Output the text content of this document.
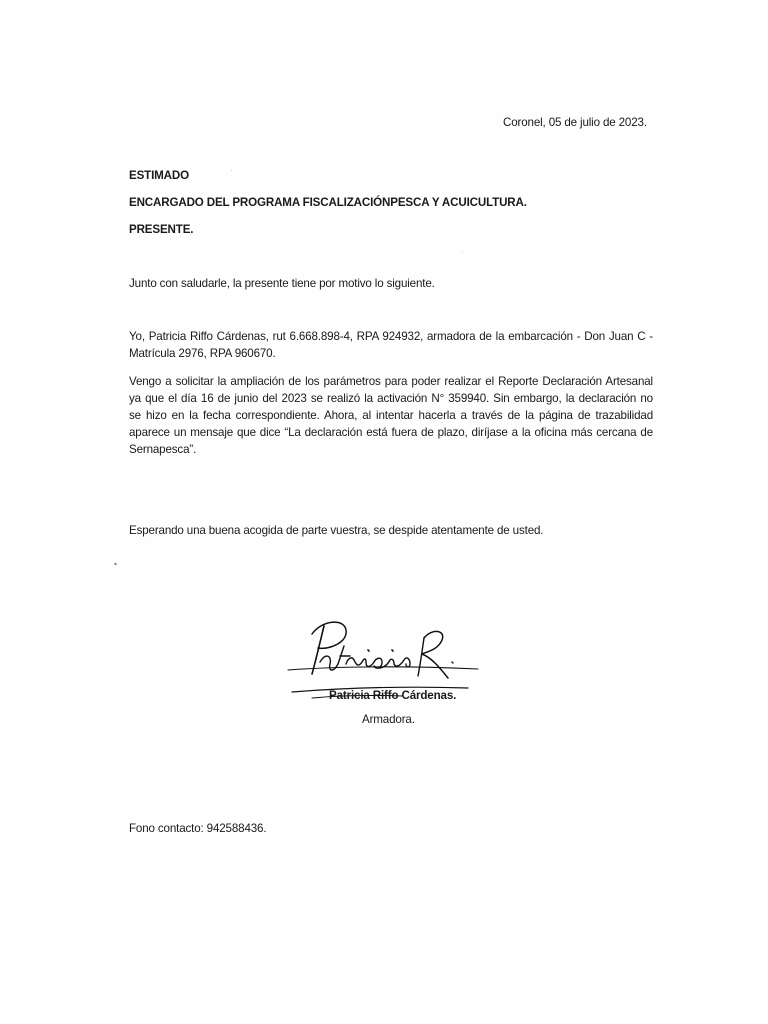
Coronel, 05 de julio de 2023.
ESTIMADO
ENCARGADO DEL PROGRAMA FISCALIZACIÓNPESCA Y ACUICULTURA.
PRESENTE.
Junto con saludarle, la presente tiene por motivo lo siguiente.
Yo, Patricia Riffo Cárdenas, rut 6.668.898-4, RPA 924932, armadora de la embarcación - Don Juan C -
Matrícula 2976, RPA 960670.
Vengo a solicitar la ampliación de los parámetros para poder realizar el Reporte Declaración Artesanal
ya que el día 16 de junio del 2023 se realizó la activación N° 359940. Sin embargo, la declaración no
se hizo en la fecha correspondiente. Ahora, al intentar hacerla a través de la página de trazabilidad
aparece un mensaje que dice “La declaración está fuera de plazo, diríjase a la oficina más cercana de
Sernapesca”.
Esperando una buena acogida de parte vuestra, se despide atentamente de usted.
Patricia Riffo Cárdenas.
Armadora.
Fono contacto: 942588436.
